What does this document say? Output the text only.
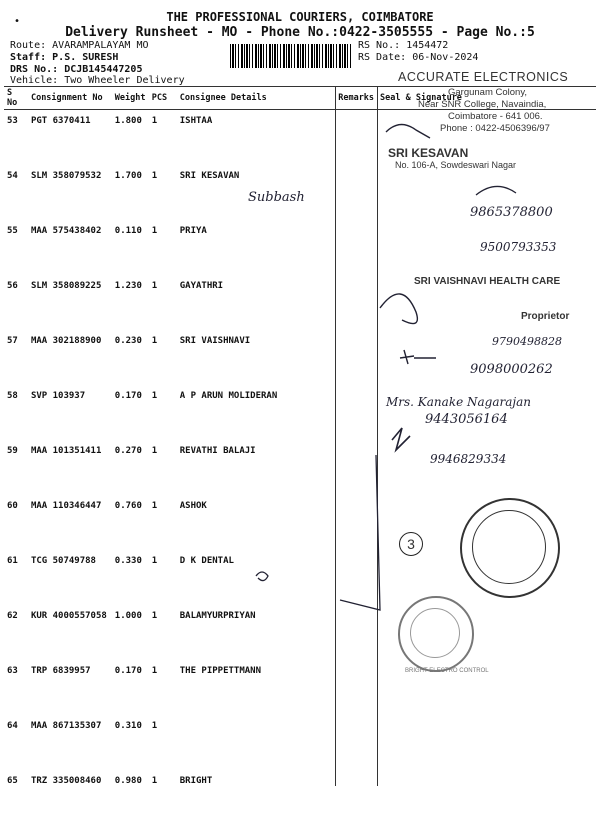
•	THE PROFESSIONAL COURIERS, COIMBATORE
Delivery Runsheet - MO - Phone No.:0422-3505555 - Page No.:5
Route: AVARAMPALAYAM MO
Staff: P.S. SURESH
DRS No.: DCJB145447205
Vehicle: Two Wheeler Delivery
RS No.: 1454472
RS Date: 06-Nov-2024
S No	Consignment No	Weight	PCS	Consignee Details	Remarks	Seal & Signature
53	PGT 6370411	1.800	1	ISHTAA		
54	SLM 358079532	1.700	1	SRI KESAVAN		
55	MAA 575438402	0.110	1	PRIYA		
56	SLM 358089225	1.230	1	GAYATHRI		
57	MAA 302188900	0.230	1	SRI VAISHNAVI		
58	SVP 103937	0.170	1	A P ARUN MOLIDERAN		
59	MAA 101351411	0.270	1	REVATHI BALAJI		
60	MAA 110346447	0.760	1	ASHOK		
61	TCG 50749788	0.330	1	D K DENTAL		
62	KUR 4000557058	1.000	1	BALAMYURPRIYAN		
63	TRP 6839957	0.170	1	THE PIPPETTMANN		
64	MAA 867135307	0.310	1			
65	TRZ 335008460	0.980	1	BRIGHT		
ACCURATE ELECTRONICS
Gargunam Colony,
Near SNR College, Navaindia,
Coimbatore - 641 006.
Phone : 0422-4506396/97
SRI KESAVAN
No. 106-A, Sowdeswari Nagar
Subbash
9865378800
9500793353
SRI VAISHNAVI HEALTH CARE
Proprietor
9790498828
9098000262
Mrs. Kanake Nagarajan
9443056164
9946829334
3
BRIGHT ELECTRO CONTROL
